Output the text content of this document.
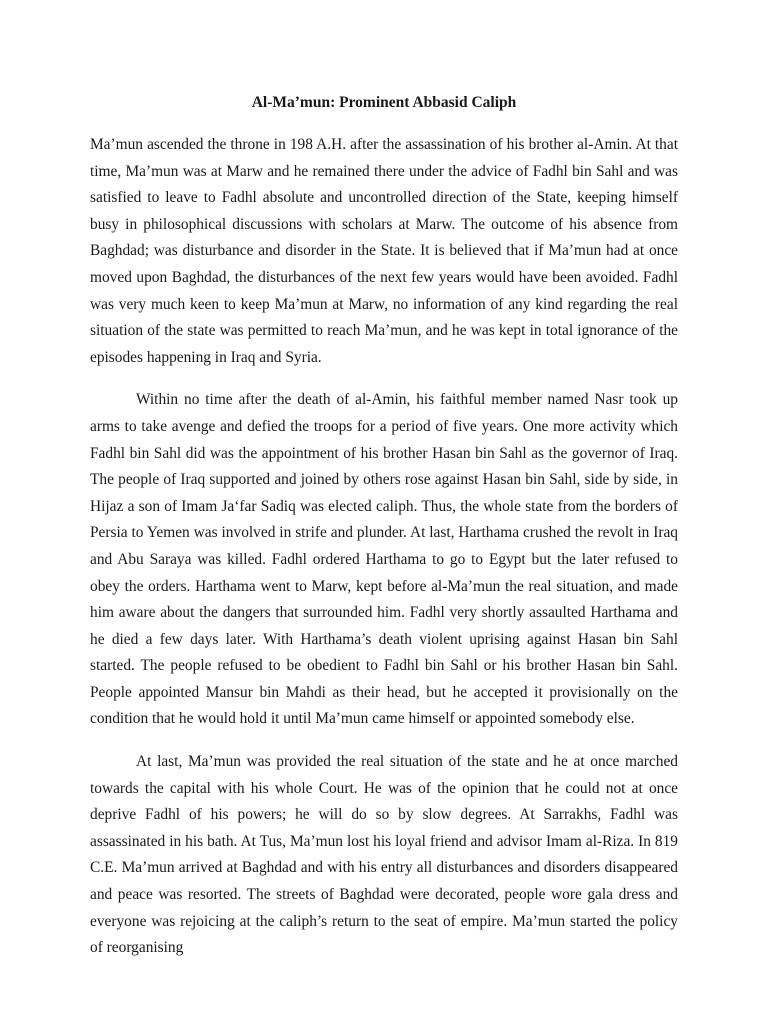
Al-Ma’mun: Prominent Abbasid Caliph

Ma’mun ascended the throne in 198 A.H. after the assassination of his brother al-Amin. At that time, Ma’mun was at Marw and he remained there under the advice of Fadhl bin Sahl and was satisfied to leave to Fadhl absolute and uncontrolled direction of the State, keeping himself busy in philosophical discussions with scholars at Marw. The outcome of his absence from Baghdad; was disturbance and disorder in the State. It is believed that if Ma’mun had at once moved upon Baghdad, the disturbances of the next few years would have been avoided. Fadhl was very much keen to keep Ma’mun at Marw, no information of any kind regarding the real situation of the state was permitted to reach Ma’mun, and he was kept in total ignorance of the episodes happening in Iraq and Syria.

Within no time after the death of al-Amin, his faithful member named Nasr took up arms to take avenge and defied the troops for a period of five years. One more activity which Fadhl bin Sahl did was the appointment of his brother Hasan bin Sahl as the governor of Iraq. The people of Iraq supported and joined by others rose against Hasan bin Sahl, side by side, in Hijaz a son of Imam Ja‘far Sadiq was elected caliph. Thus, the whole state from the borders of Persia to Yemen was involved in strife and plunder. At last, Harthama crushed the revolt in Iraq and Abu Saraya was killed. Fadhl ordered Harthama to go to Egypt but the later refused to obey the orders. Harthama went to Marw, kept before al-Ma’mun the real situation, and made him aware about the dangers that surrounded him. Fadhl very shortly assaulted Harthama and he died a few days later. With Harthama’s death violent uprising against Hasan bin Sahl started. The people refused to be obedient to Fadhl bin Sahl or his brother Hasan bin Sahl. People appointed Mansur bin Mahdi as their head, but he accepted it provisionally on the condition that he would hold it until Ma’mun came himself or appointed somebody else.

At last, Ma’mun was provided the real situation of the state and he at once marched towards the capital with his whole Court. He was of the opinion that he could not at once deprive Fadhl of his powers; he will do so by slow degrees. At Sarrakhs, Fadhl was assassinated in his bath. At Tus, Ma’mun lost his loyal friend and advisor Imam al-Riza. In 819 C.E. Ma’mun arrived at Baghdad and with his entry all disturbances and disorders disappeared and peace was resorted. The streets of Baghdad were decorated, people wore gala dress and everyone was rejoicing at the caliph’s return to the seat of empire. Ma’mun started the policy of reorganising
